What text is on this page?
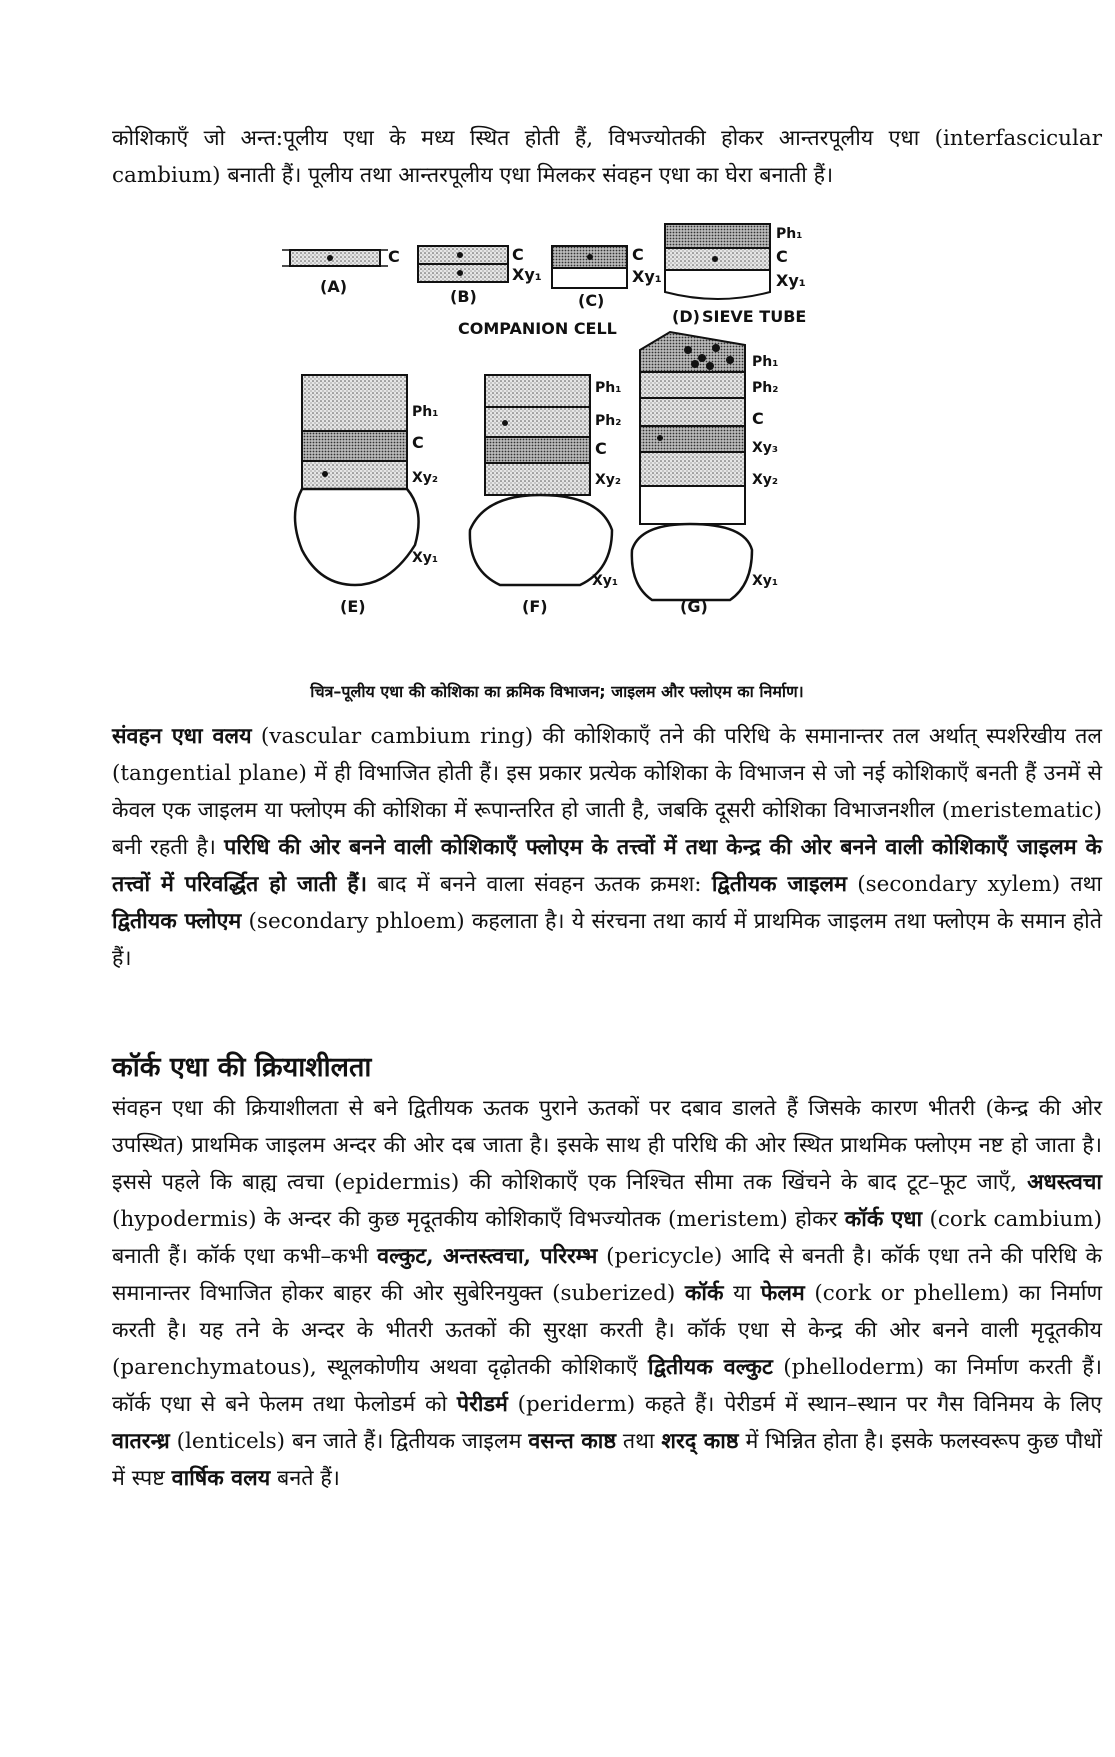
कोशिकाएँ जो अन्त:पूलीय एधा के मध्य स्थित होती हैं, विभज्योतकी होकर आन्तरपूलीय एधा (interfascicular cambium) बनाती हैं। पूलीय तथा आन्तरपूलीय एधा मिलकर संवहन एधा का घेरा बनाती हैं।

C
(A)
C
Xy₁
(B)
C
Xy₁
(C)
Ph₁
C
Xy₁
(D) SIEVE TUBE
COMPANION CELL
Ph₁
C
Xy₂
Xy₁
(E)
Ph₁
Ph₂
C
Xy₂
Xy₁
(F)
Ph₁
Ph₂
C
Xy₃
Xy₂
Xy₁
(G)
चित्र–पूलीय एधा की कोशिका का क्रमिक विभाजन; जाइलम और फ्लोएम का निर्माण।

संवहन एधा वलय (vascular cambium ring) की कोशिकाएँ तने की परिधि के समानान्तर तल अर्थात् स्पर्शरेखीय तल (tangential plane) में ही विभाजित होती हैं। इस प्रकार प्रत्येक कोशिका के विभाजन से जो नई कोशिकाएँ बनती हैं उनमें से केवल एक जाइलम या फ्लोएम की कोशिका में रूपान्तरित हो जाती है, जबकि दूसरी कोशिका विभाजनशील (meristematic) बनी रहती है। परिधि की ओर बनने वाली कोशिकाएँ फ्लोएम के तत्त्वों में तथा केन्द्र की ओर बनने वाली कोशिकाएँ जाइलम के तत्त्वों में परिवर्द्धित हो जाती हैं। बाद में बनने वाला संवहन ऊतक क्रमश: द्वितीयक जाइलम (secondary xylem) तथा द्वितीयक फ्लोएम (secondary phloem) कहलाता है। ये संरचना तथा कार्य में प्राथमिक जाइलम तथा फ्लोएम के समान होते हैं।

कॉर्क एधा की क्रियाशीलता

संवहन एधा की क्रियाशीलता से बने द्वितीयक ऊतक पुराने ऊतकों पर दबाव डालते हैं जिसके कारण भीतरी (केन्द्र की ओर उपस्थित) प्राथमिक जाइलम अन्दर की ओर दब जाता है। इसके साथ ही परिधि की ओर स्थित प्राथमिक फ्लोएम नष्ट हो जाता है। इससे पहले कि बाह्य त्वचा (epidermis) की कोशिकाएँ एक निश्चित सीमा तक खिंचने के बाद टूट–फूट जाएँ, अधस्त्वचा (hypodermis) के अन्दर की कुछ मृदूतकीय कोशिकाएँ विभज्योतक (meristem) होकर कॉर्क एधा (cork cambium) बनाती हैं। कॉर्क एधा कभी–कभी वल्कुट, अन्तस्त्वचा, परिरम्भ (pericycle) आदि से बनती है। कॉर्क एधा तने की परिधि के समानान्तर विभाजित होकर बाहर की ओर सुबेरिनयुक्त (suberized) कॉर्क या फेलम (cork or phellem) का निर्माण करती है। यह तने के अन्दर के भीतरी ऊतकों की सुरक्षा करती है। कॉर्क एधा से केन्द्र की ओर बनने वाली मृदूतकीय (parenchymatous), स्थूलकोणीय अथवा दृढ़ोतकी कोशिकाएँ द्वितीयक वल्कुट (phelloderm) का निर्माण करती हैं। कॉर्क एधा से बने फेलम तथा फेलोडर्म को पेरीडर्म (periderm) कहते हैं। पेरीडर्म में स्थान–स्थान पर गैस विनिमय के लिए वातरन्ध्र (lenticels) बन जाते हैं। द्वितीयक जाइलम वसन्त काष्ठ तथा शरद् काष्ठ में भिन्नित होता है। इसके फलस्वरूप कुछ पौधों में स्पष्ट वार्षिक वलय बनते हैं।
